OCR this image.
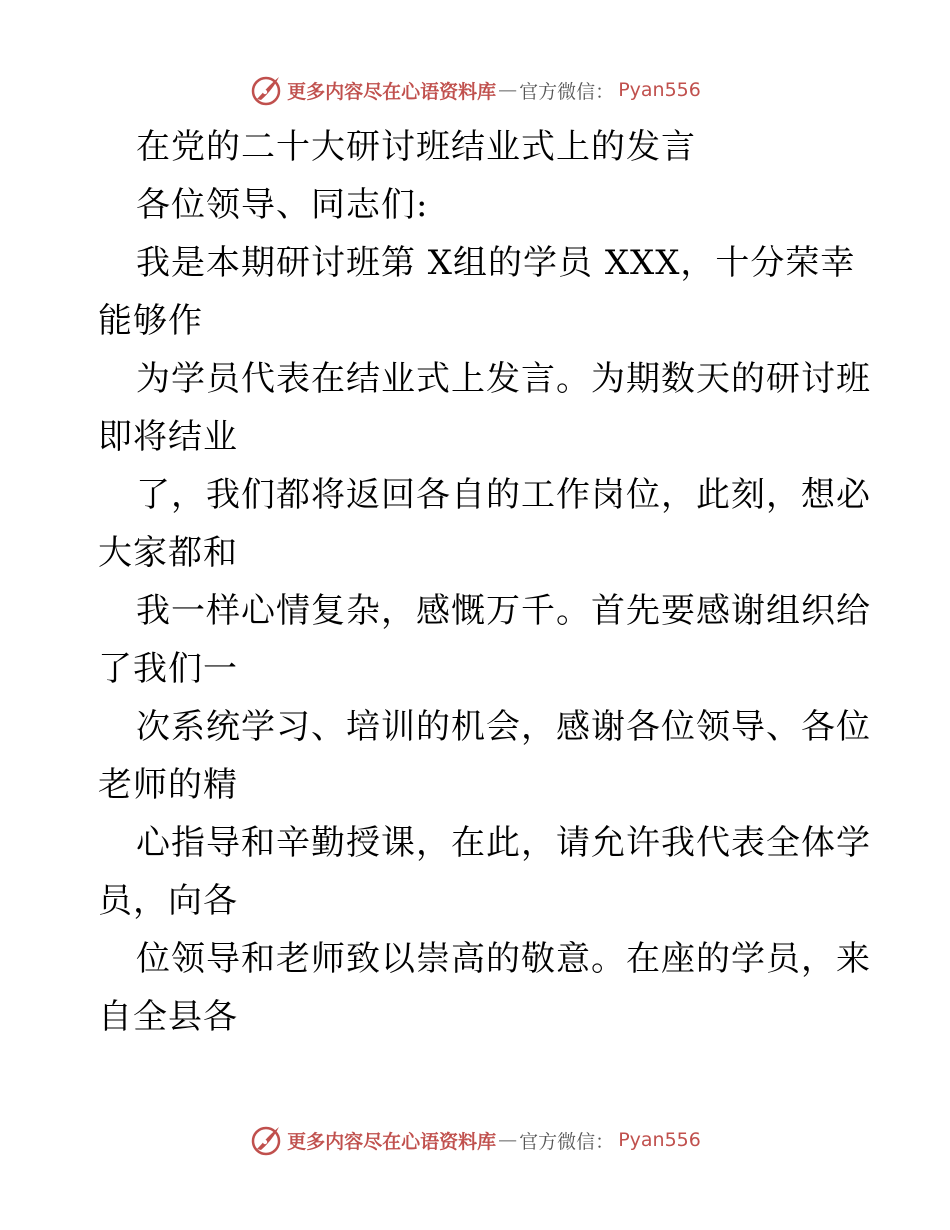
更多内容尽在心语资料库 — 官方微信： Pyan556
在党的二十大研讨班结业式上的发言
各位领导、同志们:
我是本期研讨班第 X组的学员 XXX，十分荣幸
能够作
为学员代表在结业式上发言。为期数天的研讨班
即将结业
了，我们都将返回各自的工作岗位，此刻，想必
大家都和
我一样心情复杂，感慨万千。首先要感谢组织给
了我们一
次系统学习、培训的机会，感谢各位领导、各位
老师的精
心指导和辛勤授课，在此，请允许我代表全体学
员，向各
位领导和老师致以崇高的敬意。在座的学员，来
自全县各
更多内容尽在心语资料库 — 官方微信： Pyan556
